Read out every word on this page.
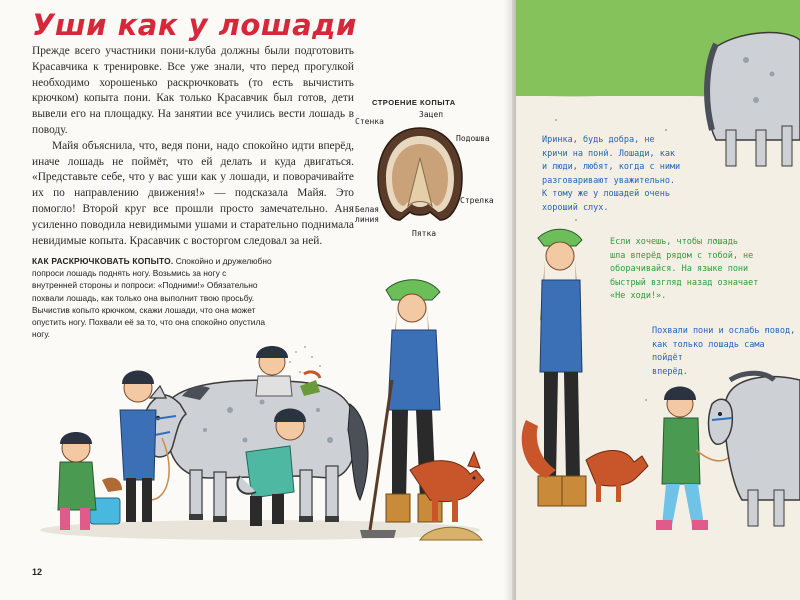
Уши как у лошади

Прежде всего участники пони-клуба должны были подготовить Красавчика к тренировке. Все уже знали, что перед прогулкой необходимо хорошенько раскрючковать (то есть вычистить крючком) копыта пони. Как только Красавчик был готов, дети вывели его на площадку. На занятии все учились вести лошадь в поводу.

Майя объяснила, что, ведя пони, надо спокойно идти вперёд, иначе лошадь не поймёт, что ей делать и куда двигаться. «Представьте себе, что у вас уши как у лошади, и поворачивайте их по направлению движения!» — подсказала Майя. Это помогло! Второй круг все прошли просто замечательно. Аня усиленно поводила невидимыми ушами и старательно поднимала невидимые копыта. Красавчик с восторгом следовал за ней.

СТРОЕНИЕ КОПЫТА
Стенка
Зацеп
Подошва
Стрелка
Белая линия
Пятка
КАК РАСКРЮЧКОВАТЬ КОПЫТО. Спокойно и дружелюбно попроси лошадь поднять ногу. Возьмись за ногу с внутренней стороны и попроси: «Подними!» Обязательно похвали лошадь, как только она выполнит твою просьбу. Вычистив копыто крючком, скажи лошади, что она может опустить ногу. Похвали её за то, что она спокойно опустила ногу.
12
Иринка, будь добра, не
кричи на пони. Лошади, как
и люди, любят, когда с ними
разговаривают уважительно.
К тому же у лошадей очень
хороший слух.
Если хочешь, чтобы лошадь
шла вперёд рядом с тобой, не
оборачивайся. На языке пони
быстрый взгляд назад означает
«Не ходи!».
Похвали пони и ослабь повод,
как только лошадь сама пойдёт
вперёд.
